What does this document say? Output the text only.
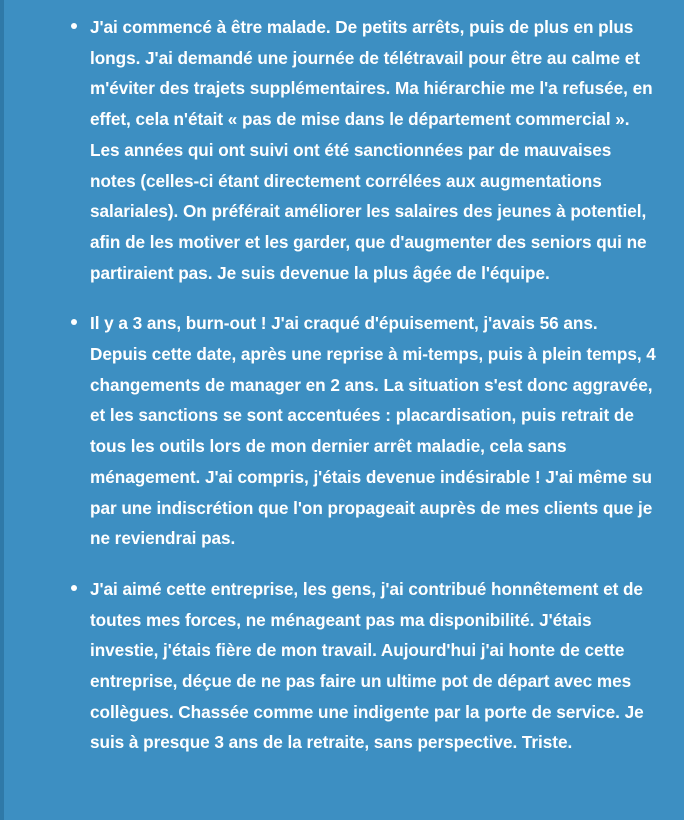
J'ai commencé à être malade. De petits arrêts, puis de plus en plus longs. J'ai demandé une journée de télétravail pour être au calme et m'éviter des trajets supplémentaires. Ma hiérarchie me l'a refusée, en effet, cela n'était « pas de mise dans le département commercial ». Les années qui ont suivi ont été sanctionnées par de mauvaises notes (celles-ci étant directement corrélées aux augmentations salariales). On préférait améliorer les salaires des jeunes à potentiel, afin de les motiver et les garder, que d'augmenter des seniors qui ne partiraient pas. Je suis devenue la plus âgée de l'équipe.
Il y a 3 ans, burn-out ! J'ai craqué d'épuisement, j'avais 56 ans. Depuis cette date, après une reprise à mi-temps, puis à plein temps, 4 changements de manager en 2 ans. La situation s'est donc aggravée, et les sanctions se sont accentuées : placardisation, puis retrait de tous les outils lors de mon dernier arrêt maladie, cela sans ménagement. J'ai compris, j'étais devenue indésirable ! J'ai même su par une indiscrétion que l'on propageait auprès de mes clients que je ne reviendrai pas.
J'ai aimé cette entreprise, les gens, j'ai contribué honnêtement et de toutes mes forces, ne ménageant pas ma disponibilité. J'étais investie, j'étais fière de mon travail. Aujourd'hui j'ai honte de cette entreprise, déçue de ne pas faire un ultime pot de départ avec mes collègues. Chassée comme une indigente par la porte de service. Je suis à presque 3 ans de la retraite, sans perspective. Triste.
